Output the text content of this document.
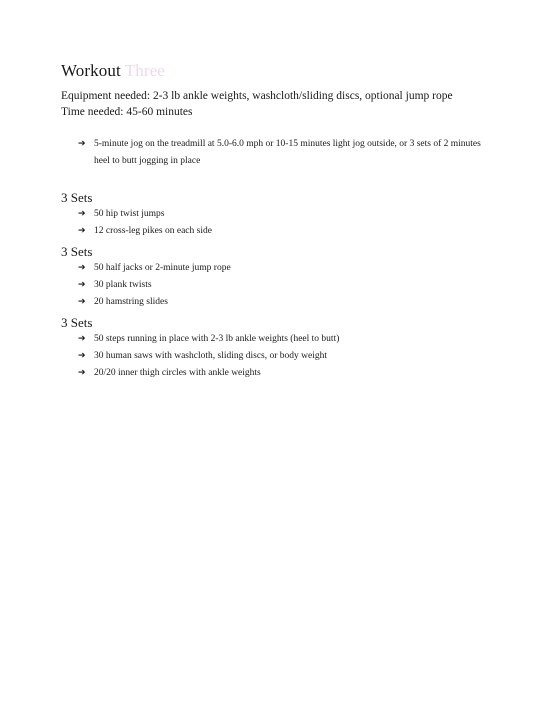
Workout Three
Equipment needed: 2-3 lb ankle weights, washcloth/sliding discs, optional jump rope
Time needed: 45-60 minutes
➔ 5-minute jog on the treadmill at 5.0-6.0 mph or 10-15 minutes light jog outside, or 3 sets of 2 minutes heel to butt jogging in place
3 Sets
➔ 50 hip twist jumps
➔ 12 cross-leg pikes on each side
3 Sets
➔ 50 half jacks or 2-minute jump rope
➔ 30 plank twists
➔ 20 hamstring slides
3 Sets
➔ 50 steps running in place with 2-3 lb ankle weights (heel to butt)
➔ 30 human saws with washcloth, sliding discs, or body weight
➔ 20/20 inner thigh circles with ankle weights
